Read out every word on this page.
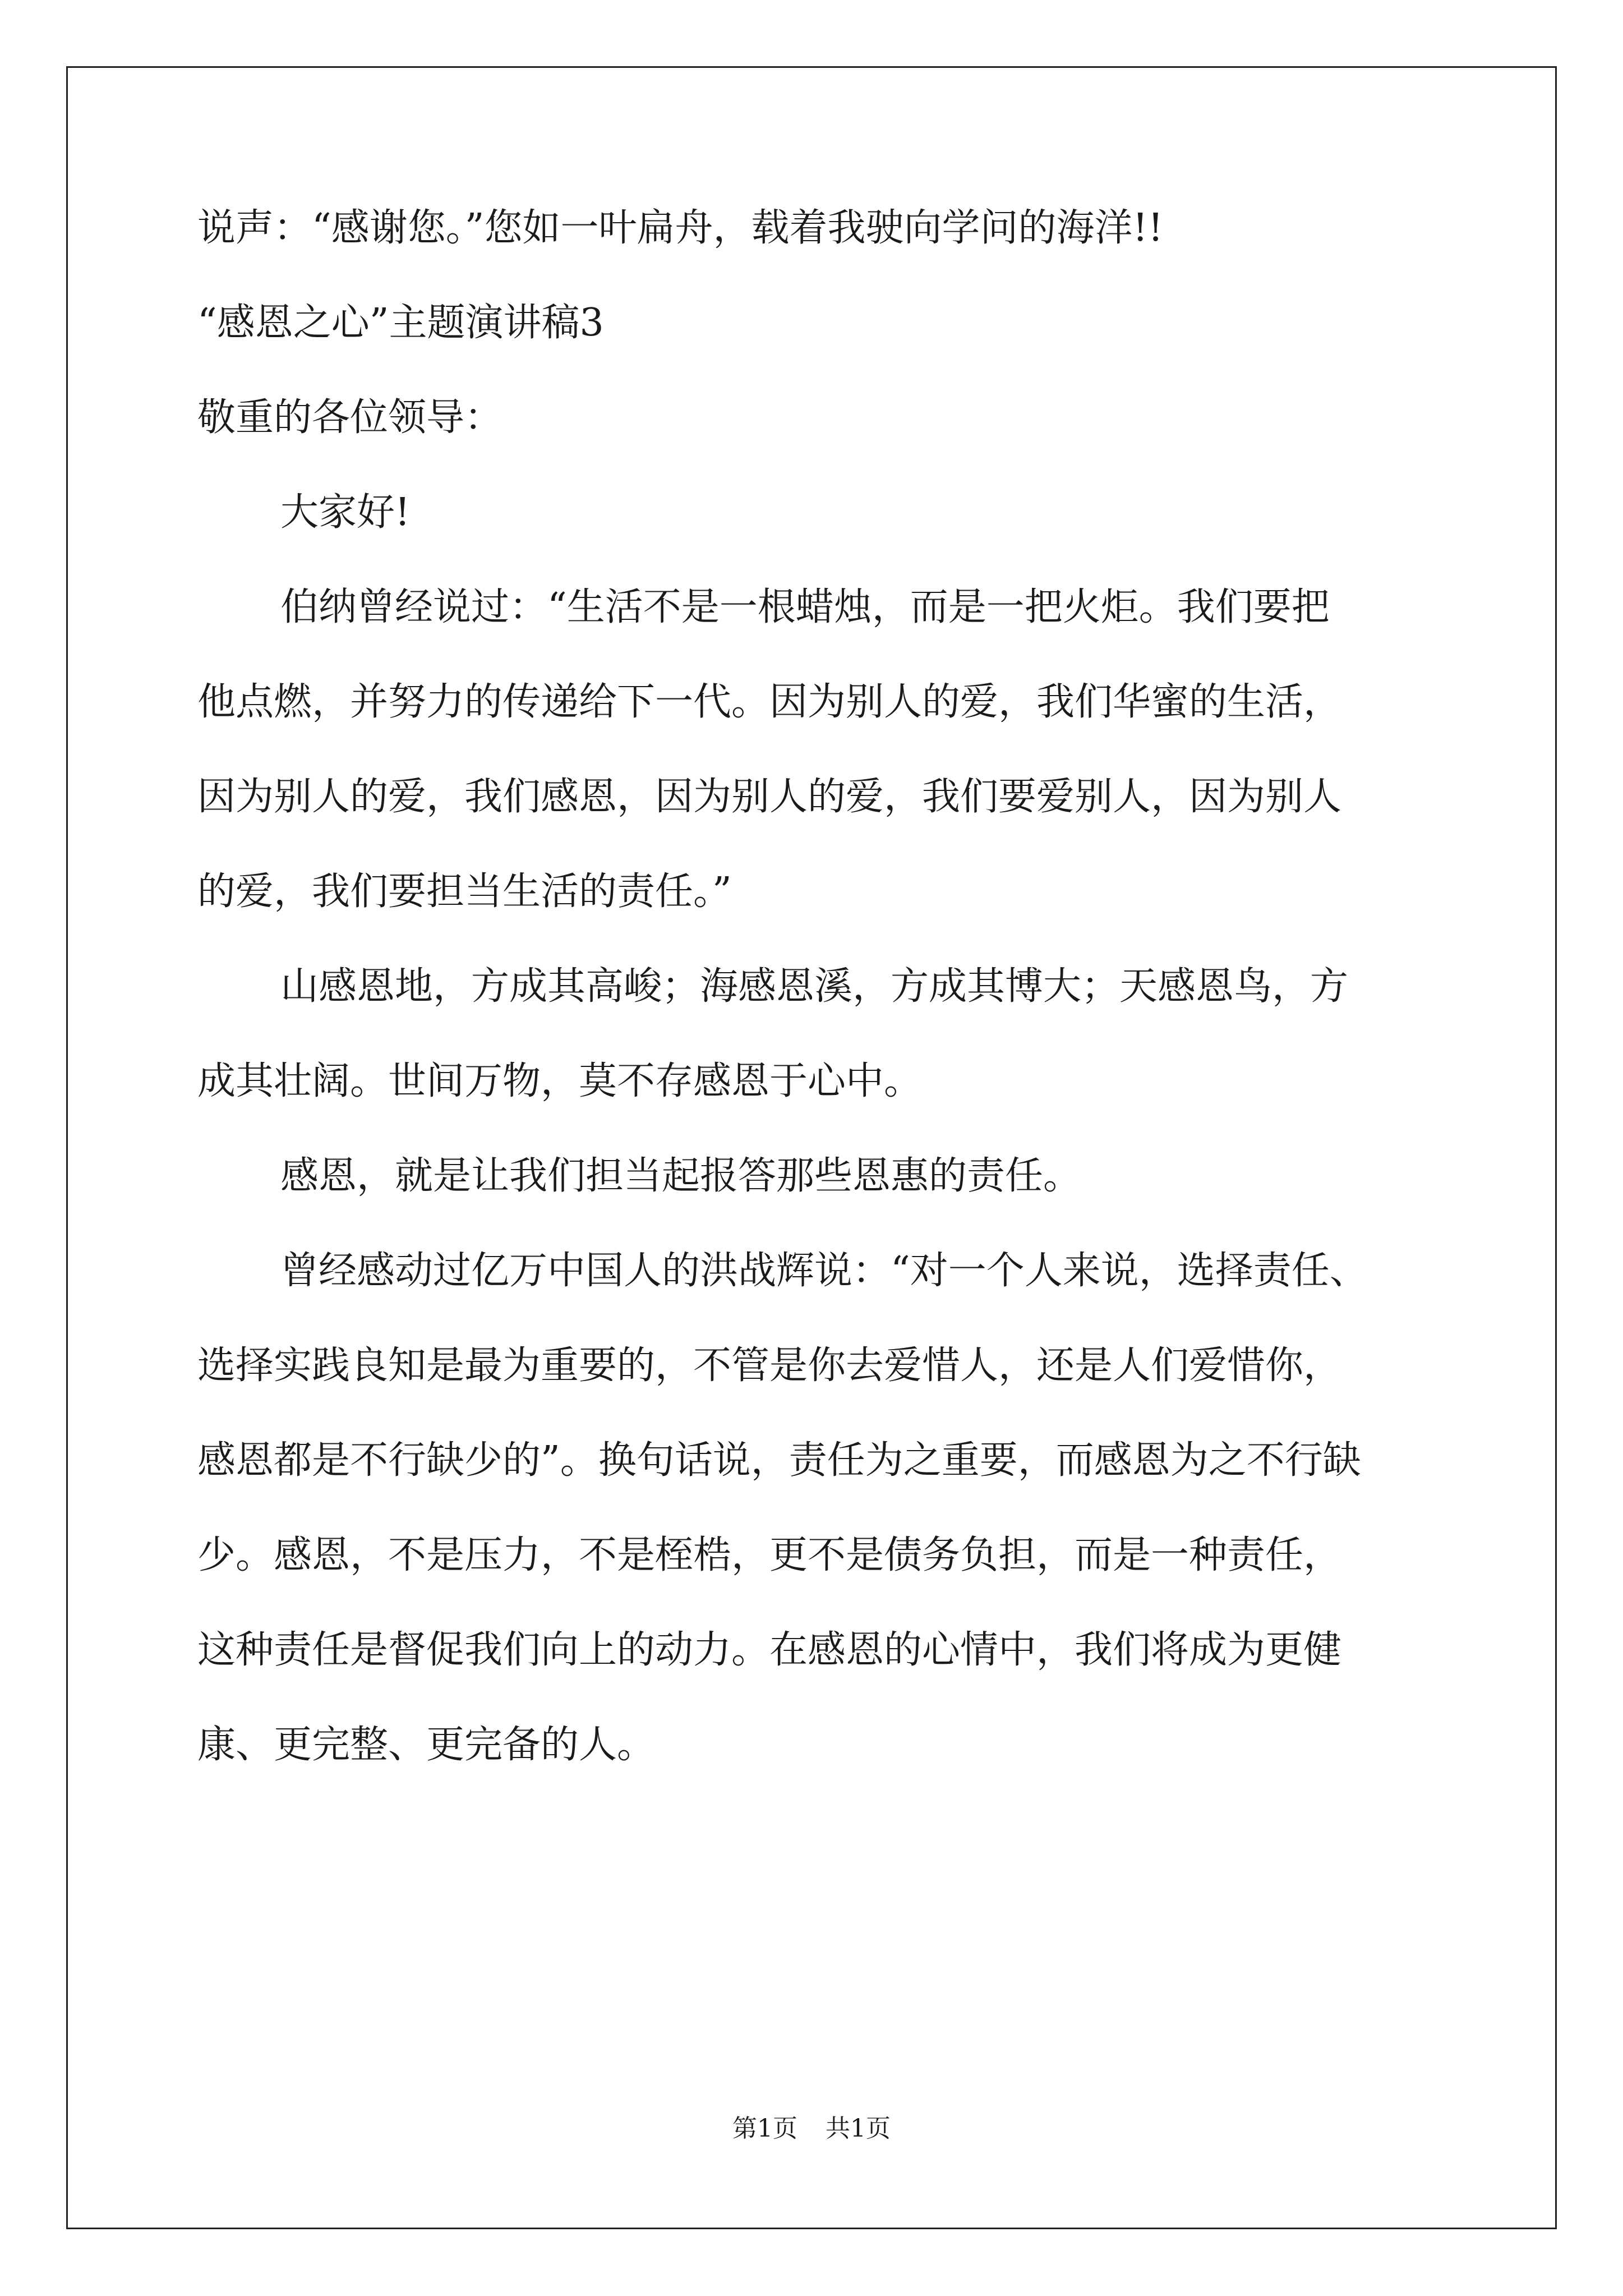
说声：“感谢您。”您如一叶扁舟，载着我驶向学问的海洋!!

“感恩之心”主题演讲稿3

敬重的各位领导：

大家好!

伯纳曾经说过：“生活不是一根蜡烛，而是一把火炬。我们要把

他点燃，并努力的传递给下一代。因为别人的爱，我们华蜜的生活，

因为别人的爱，我们感恩，因为别人的爱，我们要爱别人，因为别人

的爱，我们要担当生活的责任。”

山感恩地，方成其高峻；海感恩溪，方成其博大；天感恩鸟，方

成其壮阔。世间万物，莫不存感恩于心中。

感恩，就是让我们担当起报答那些恩惠的责任。

曾经感动过亿万中国人的洪战辉说：“对一个人来说，选择责任、

选择实践良知是最为重要的，不管是你去爱惜人，还是人们爱惜你，

感恩都是不行缺少的”。换句话说，责任为之重要，而感恩为之不行缺

少。感恩，不是压力，不是桎梏，更不是债务负担，而是一种责任，

这种责任是督促我们向上的动力。在感恩的心情中，我们将成为更健

康、更完整、更完备的人。

第1页 共1页
